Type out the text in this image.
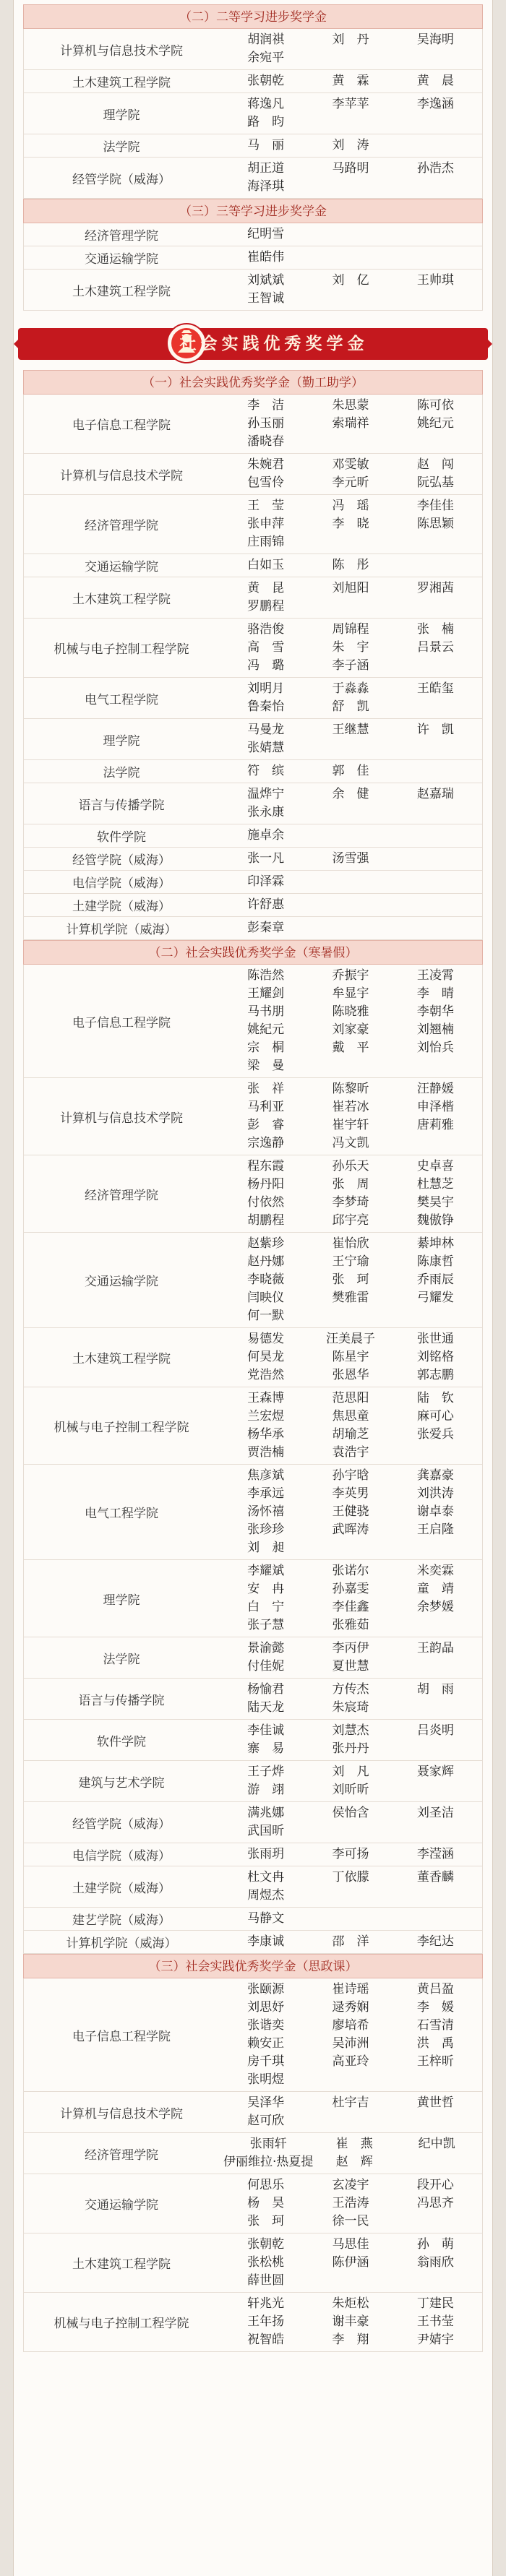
（二）二等学习进步奖学金
计算机与信息技术学院
胡润祺	刘　丹	吴海明
余宛平
土木建筑工程学院	张朝乾	黄　霖	黄　晨
理学院
蒋逸凡	李苹苹	李逸涵
路　昀
法学院	马　丽	刘　涛
经管学院（威海）
胡正道	马路明	孙浩杰
海泽琪
（三）三等学习进步奖学金
经济管理学院	纪明雪
交通运输学院	崔皓伟
土木建筑工程学院
刘斌斌	刘　亿	王帅琪
王智诚
社会实践优秀奖学金
（一）社会实践优秀奖学金（勤工助学）
电子信息工程学院
李　洁	朱思蒙	陈可依
孙玉丽	索瑞祥	姚纪元
潘晓春
计算机与信息技术学院
朱婉君	邓雯敏	赵　闯
包雪伶	李元昕	阮弘基
经济管理学院
王　莹	冯　瑶	李佳佳
张申萍	李　晓	陈思颖
庄雨锦
交通运输学院	白如玉	陈　彤
土木建筑工程学院
黄　昆	刘旭阳	罗湘茜
罗鹏程
机械与电子控制工程学院
骆浩俊	周锦程	张　楠
高　雪	朱　宇	吕景云
冯　璐	李子涵
电气工程学院
刘明月	于淼淼	王皓玺
鲁秦怡	舒　凯
理学院
马曼龙	王继慧	许　凯
张婧慧
法学院	符　缤	郭　佳
语言与传播学院
温烨宁	余　健	赵嘉瑞
张永康
软件学院	施卓余
经管学院（威海）	张一凡	汤雪强
电信学院（威海）	印泽霖
土建学院（威海）	许舒惠
计算机学院（威海）	彭秦章
（二）社会实践优秀奖学金（寒暑假）
电子信息工程学院
陈浩然	乔振宇	王凌霄
王耀剑	牟显宇	李　晴
马书朋	陈晓雅	李朝华
姚紀元	刘家豪	刘翘楠
宗　桐	戴　平	刘怡兵
梁　曼
计算机与信息技术学院
张　祥	陈黎昕	汪静媛
马利亚	崔若冰	申泽楷
彭　睿	崔宇轩	唐莉雅
宗逸静	冯文凯
经济管理学院
程东霞	孙乐天	史卓喜
杨丹阳	张　周	杜慧芝
付依然	李梦琦	樊昊宇
胡鹏程	邱宇亮	魏傲铮
交通运输学院
赵紫珍	崔怡欣	綦坤林
赵丹娜	王宁瑜	陈康哲
李晓薇	张　珂	乔雨辰
闫映仪	樊雅雷	弓耀发
何一默
土木建筑工程学院
易德发	汪美晨子	张世通
何昊龙	陈星宇	刘铭格
党浩然	张恩华	郭志鹏
机械与电子控制工程学院
王森博	范思阳	陆　钦
兰宏煜	焦思童	麻可心
杨华承	胡瑜芝	张爱兵
贾浩楠	袁浩宇
电气工程学院
焦彦斌	孙宇晗	龚嘉豪
李承远	李英男	刘洪涛
汤怀禧	王健骁	谢卓泰
张珍珍	武晖涛	王启隆
刘　昶
理学院
李耀斌	张诺尔	米奕霖
安　冉	孙嘉雯	童　靖
白　宁	李佳鑫	余梦媛
张子慧	张雅茹
法学院
景渝懿	李丙伊	王韵晶
付佳妮	夏世慧
语言与传播学院
杨愉君	方传杰	胡　雨
陆天龙	朱宸琦
软件学院
李佳诚	刘慧杰	吕炎明
寨　易	张丹丹
建筑与艺术学院
王子烨	刘　凡	聂家辉
游　翊	刘昕昕
经管学院（威海）
满兆娜	侯怡含	刘圣洁
武国昕
电信学院（威海）	张雨玥	李可扬	李滢涵
土建学院（威海）
杜文冉	丁依朦	董香麟
周煜杰
建艺学院（威海）	马静文
计算机学院（威海）	李康诚	邵　洋	李纪达
（三）社会实践优秀奖学金（思政课）
电子信息工程学院
张颐源	崔诗瑶	黄吕盈
刘思妤	逯秀娴	李　媛
张谐奕	廖培希	石雪清
赖安正	吴沛洲	洪　禹
房千琪	高亚玲	王梓昕
张明煜
计算机与信息技术学院
吴泽华	杜宇吉	黄世哲
赵可欣
经济管理学院
张雨轩	崔　燕	纪中凯
伊丽维拉·热夏提	赵　辉
交通运输学院
何思乐	玄凌宇	段开心
杨　昊	王浩涛	冯思齐
张　珂	徐一民
土木建筑工程学院
张朝乾	马思佳	孙　萌
张松桃	陈伊涵	翁雨欣
薛世圆
机械与电子控制工程学院
轩兆光	朱炬松	丁建民
王年扬	谢丰豪	王书莹
祝智皓	李　翔	尹婧宇
